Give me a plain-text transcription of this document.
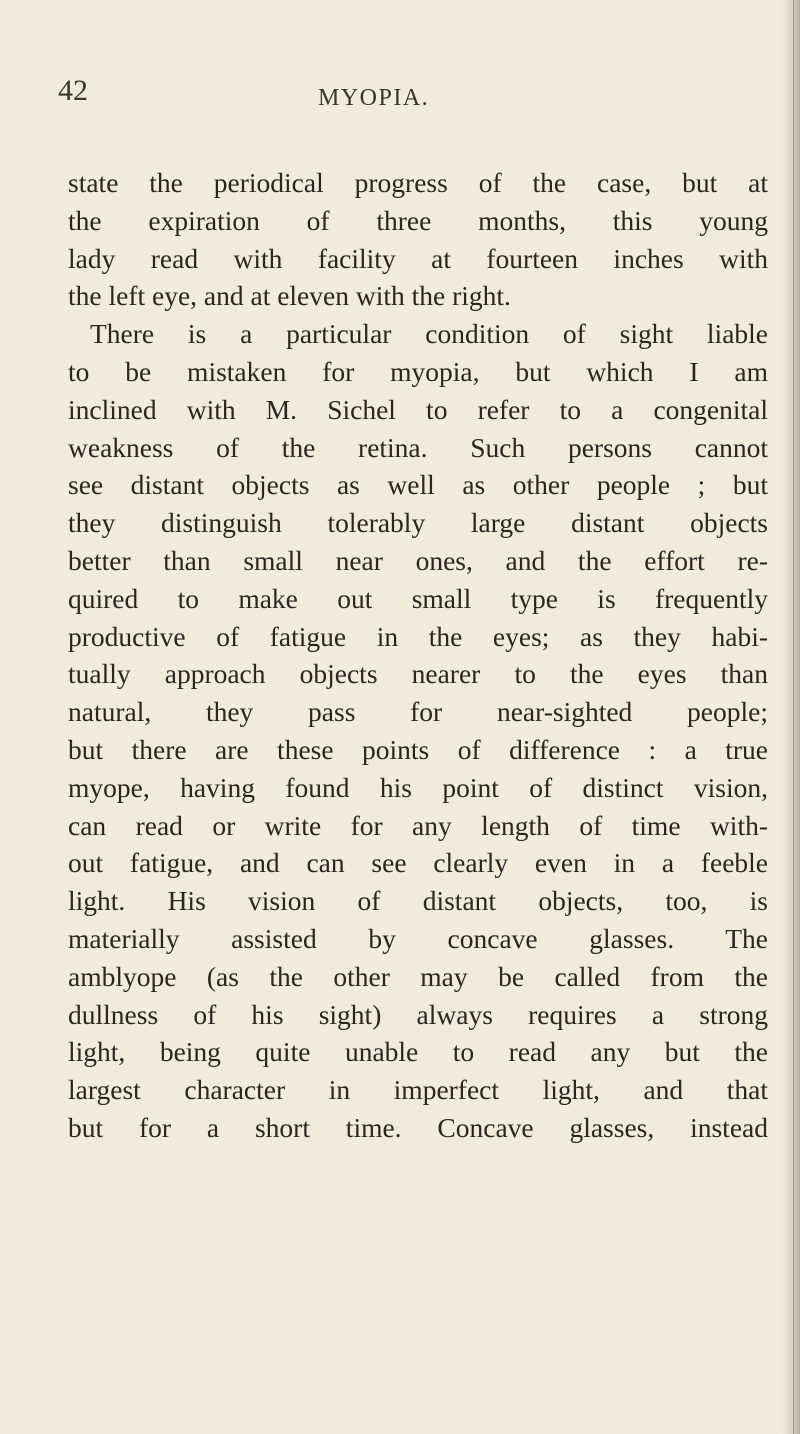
42	MYOPIA.
state the periodical progress of the case, but at
the expiration of three months, this young
lady read with facility at fourteen inches with
the left eye, and at eleven with the right.
There is a particular condition of sight liable
to be mistaken for myopia, but which I am
inclined with M. Sichel to refer to a congenital
weakness of the retina. Such persons cannot
see distant objects as well as other people ; but
they distinguish tolerably large distant objects
better than small near ones, and the effort re-
quired to make out small type is frequently
productive of fatigue in the eyes; as they habi-
tually approach objects nearer to the eyes than
natural, they pass for near-sighted people;
but there are these points of difference : a true
myope, having found his point of distinct vision,
can read or write for any length of time with-
out fatigue, and can see clearly even in a feeble
light. His vision of distant objects, too, is
materially assisted by concave glasses. The
amblyope (as the other may be called from the
dullness of his sight) always requires a strong
light, being quite unable to read any but the
largest character in imperfect light, and that
but for a short time. Concave glasses, instead
